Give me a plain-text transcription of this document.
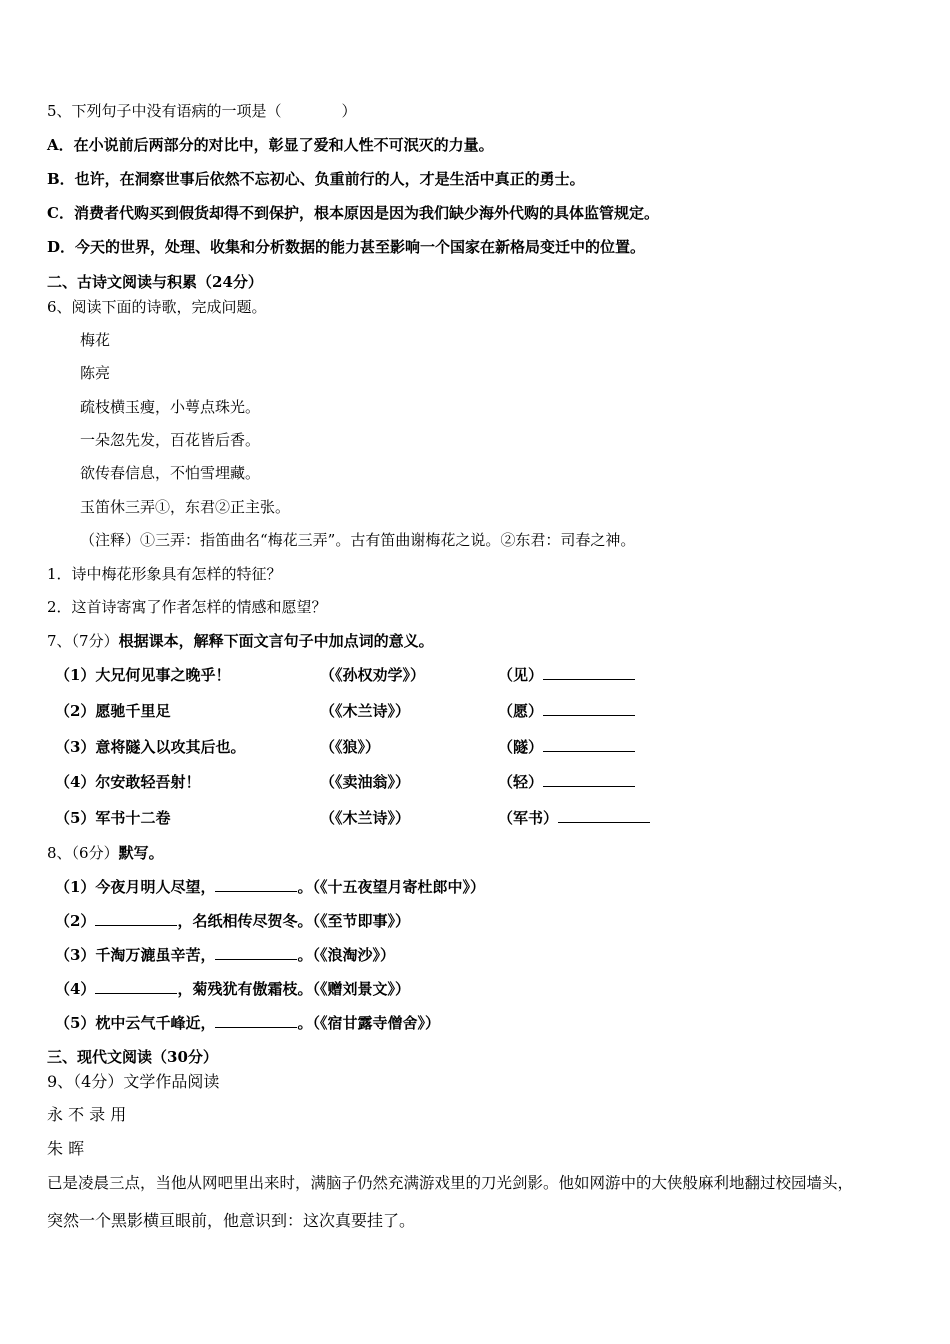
5、下列句子中没有语病的一项是（　　　　）
A．在小说前后两部分的对比中，彰显了爱和人性不可泯灭的力量。
B．也许，在洞察世事后依然不忘初心、负重前行的人，才是生活中真正的勇士。
C．消费者代购买到假货却得不到保护，根本原因是因为我们缺少海外代购的具体监管规定。
D．今天的世界，处理、收集和分析数据的能力甚至影响一个国家在新格局变迁中的位置。
二、古诗文阅读与积累（24分）
6、阅读下面的诗歌，完成问题。
梅花
陈亮
疏枝横玉瘦，小萼点珠光。
一朵忽先发，百花皆后香。
欲传春信息，不怕雪埋藏。
玉笛休三弄①，东君②正主张。
（注释）①三弄：指笛曲名“梅花三弄”。古有笛曲谢梅花之说。②东君：司春之神。
1．诗中梅花形象具有怎样的特征？
2．这首诗寄寓了作者怎样的情感和愿望？
7、（7分）根据课本，解释下面文言句子中加点词的意义。
（1）大兄何见事之晚乎！	（《孙权劝学》）	（见）
（2）愿驰千里足	（《木兰诗》）	（愿）
（3）意将隧入以攻其后也。	（《狼》）	（隧）
（4）尔安敢轻吾射！	（《卖油翁》）	（轻）
（5）军书十二卷	（《木兰诗》）	（军书）
8、（6分）默写。
（1）今夜月明人尽望，	。（《十五夜望月寄杜郎中》）
（2）	，名纸相传尽贺冬。（《至节即事》）
（3）千淘万漉虽辛苦，	。（《浪淘沙》）
（4）	，菊残犹有傲霜枝。（《赠刘景文》）
（5）枕中云气千峰近，	。（《宿甘露寺僧舍》）
三、现代文阅读（30分）
9、（4分）文学作品阅读
永 不 录 用
朱 晖
已是凌晨三点，当他从网吧里出来时，满脑子仍然充满游戏里的刀光剑影。他如网游中的大侠般麻利地翻过校园墙头，
突然一个黑影横亘眼前，他意识到：这次真要挂了。
